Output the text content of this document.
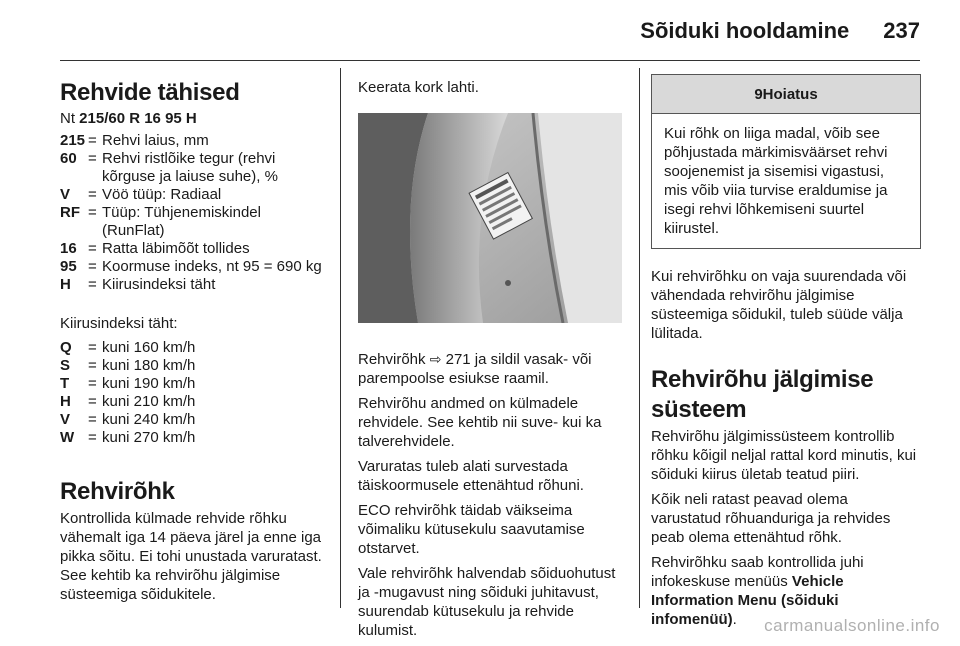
Sõiduki hooldamine 237
Rehvide tähised

Nt 215/60 R 16 95 H

215 = Rehvi laius, mm
60 = Rehvi ristlõike tegur (rehvi kõrguse ja laiuse suhe), %
V	= Vöö tüüp: Radiaal
RF = Tüüp: Tühjenemiskindel (RunFlat)
16 = Ratta läbimõõt tollides
95 = Koormuse indeks, nt 95 = 690 kg
H	= Kiirusindeksi täht

Kiirusindeksi täht:

Q	= kuni 160 km/h
S	= kuni 180 km/h
T	= kuni 190 km/h
H	= kuni 210 km/h
V	= kuni 240 km/h
W = kuni 270 km/h
Rehvirõhk

Kontrollida külmade rehvide rõhku vähemalt iga 14 päeva järel ja enne iga pikka sõitu. Ei tohi unustada varuratast. See kehtib ka rehvirõhu jälgimise süsteemiga sõidukitele.

Keerata kork lahti.

Rehvirõhk ⇨ 271 ja sildil vasak- või parempoolse esiukse raamil.

Rehvirõhu andmed on külmadele rehvidele. See kehtib nii suve- kui ka talverehvidele.

Varuratas tuleb alati survestada täiskoormusele ettenähtud rõhuni.

ECO rehvirõhk täidab väikseima võimaliku kütusekulu saavutamise otstarvet.

Vale rehvirõhk halvendab sõiduohutust ja -mugavust ning sõiduki juhitavust, suurendab kütusekulu ja rehvide kulumist.

9 Hoiatus
Kui rõhk on liiga madal, võib see põhjustada märkimisväärset rehvi soojenemist ja sisemisi vigastusi, mis võib viia turvise eraldumise ja isegi rehvi lõhkemiseni suurtel kiirustel.

Kui rehvirõhku on vaja suurendada või vähendada rehvirõhu jälgimise süsteemiga sõidukil, tuleb süüde välja lülitada.

Rehvirõhu jälgimise süsteem

Rehvirõhu jälgimissüsteem kontrollib rõhku kõigil neljal rattal kord minutis, kui sõiduki kiirus ületab teatud piiri.

Kõik neli ratast peavad olema varustatud rõhuanduriga ja rehvides peab olema ettenähtud rõhk.

Rehvirõhku saab kontrollida juhi infokeskuse menüüs Vehicle Information Menu (sõiduki infomenüü).	carmanualsonline.info
